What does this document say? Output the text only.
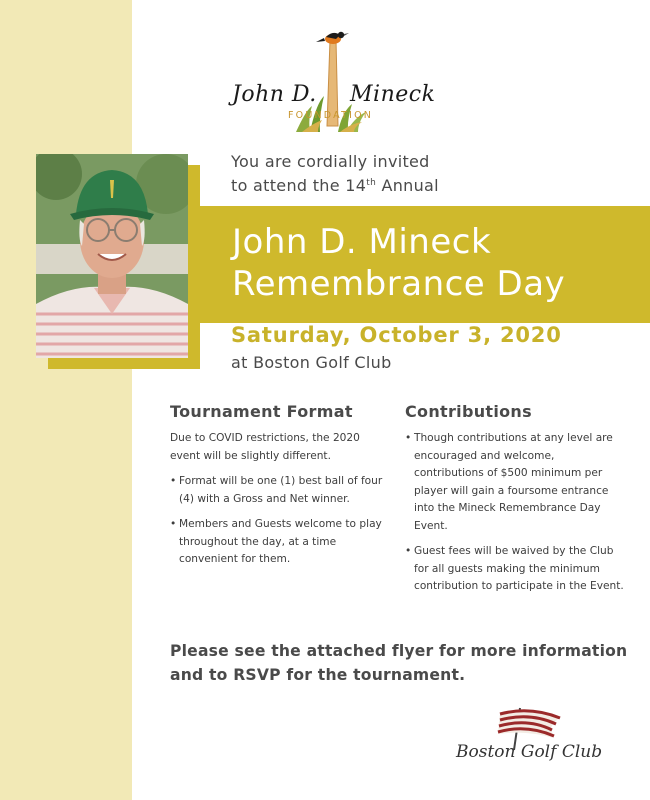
John D. Mineck
FOUNDATION
You are cordially invited
to attend the 14th Annual
John D. Mineck
Remembrance Day
Saturday, October 3, 2020
at Boston Golf Club
Tournament Format	Contributions

Due to COVID restrictions, the 2020 event will be slightly different.

• Format will be one (1) best ball of four (4) with a Gross and Net winner.
• Members and Guests welcome to play throughout the day, at a time convenient for them.
• Though contributions at any level are encouraged and welcome, contributions of $500 minimum per player will gain a foursome entrance into the Mineck Remembrance Day Event.
• Guest fees will be waived by the Club for all guests making the minimum contribution to participate in the Event.
Please see the attached flyer for more information and to RSVP for the tournament.
Boston Golf Club
